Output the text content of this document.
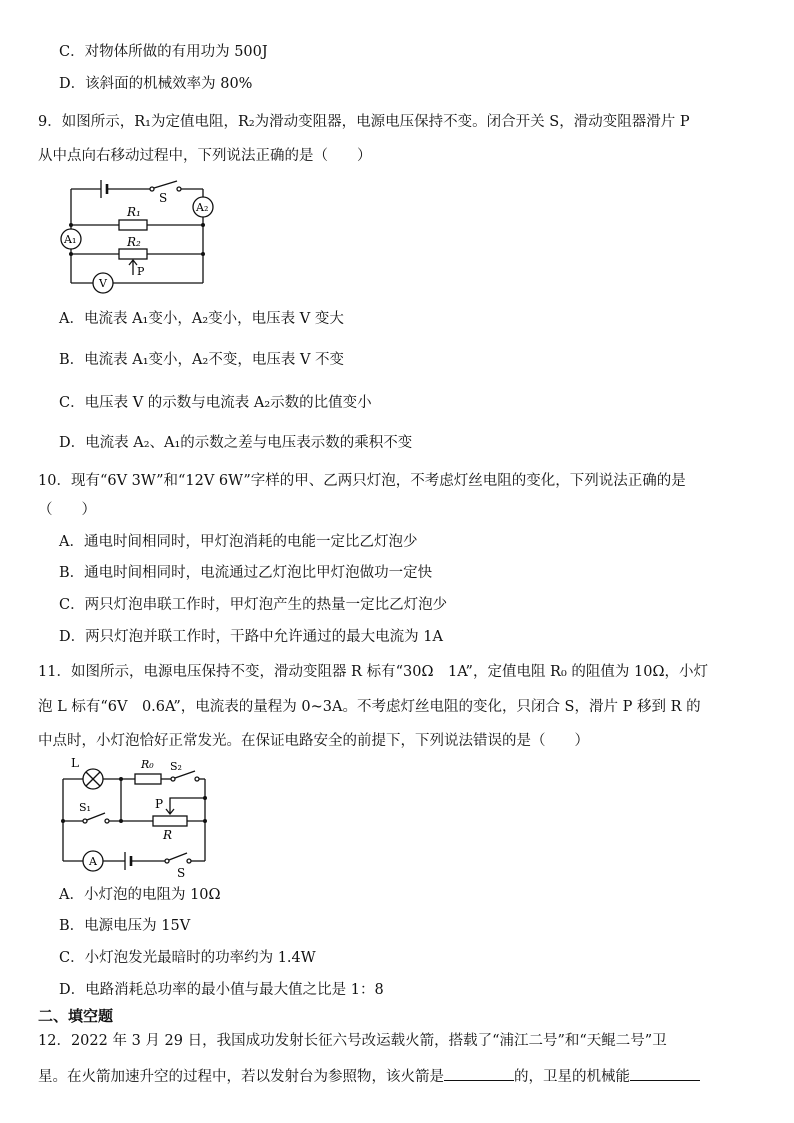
C．对物体所做的有用功为 500J
D．该斜面的机械效率为 80%
9．如图所示，R₁为定值电阻，R₂为滑动变阻器，电源电压保持不变。闭合开关 S，滑动变阻器滑片 P
从中点向右移动过程中，下列说法正确的是（　　）
S
A₂
A₁
R₁
R₂
P
V
A．电流表 A₁变小，A₂变小，电压表 V 变大
B．电流表 A₁变小，A₂不变，电压表 V 不变
C．电压表 V 的示数与电流表 A₂示数的比值变小
D．电流表 A₂、A₁的示数之差与电压表示数的乘积不变
10．现有“6V 3W”和“12V 6W”字样的甲、乙两只灯泡，不考虑灯丝电阻的变化，下列说法正确的是
（　　）
A．通电时间相同时，甲灯泡消耗的电能一定比乙灯泡少
B．通电时间相同时，电流通过乙灯泡比甲灯泡做功一定快
C．两只灯泡串联工作时，甲灯泡产生的热量一定比乙灯泡少
D．两只灯泡并联工作时，干路中允许通过的最大电流为 1A
11．如图所示，电源电压保持不变，滑动变阻器 R 标有“30Ω　1A”，定值电阻 R₀ 的阻值为 10Ω，小灯
泡 L 标有“6V　0.6A”，电流表的量程为 0~3A。不考虑灯丝电阻的变化，只闭合 S，滑片 P 移到 R 的
中点时，小灯泡恰好正常发光。在保证电路安全的前提下，下列说法错误的是（　　）
L	R₀ S₂
S₁	P
R
A
S
A．小灯泡的电阻为 10Ω
B．电源电压为 15V
C．小灯泡发光最暗时的功率约为 1.4W
D．电路消耗总功率的最小值与最大值之比是 1：8
二、填空题
12．2022 年 3 月 29 日，我国成功发射长征六号改运载火箭，搭载了“浦江二号”和“天鲲二号”卫
星。在火箭加速升空的过程中，若以发射台为参照物，该火箭是	的，卫星的机械能
